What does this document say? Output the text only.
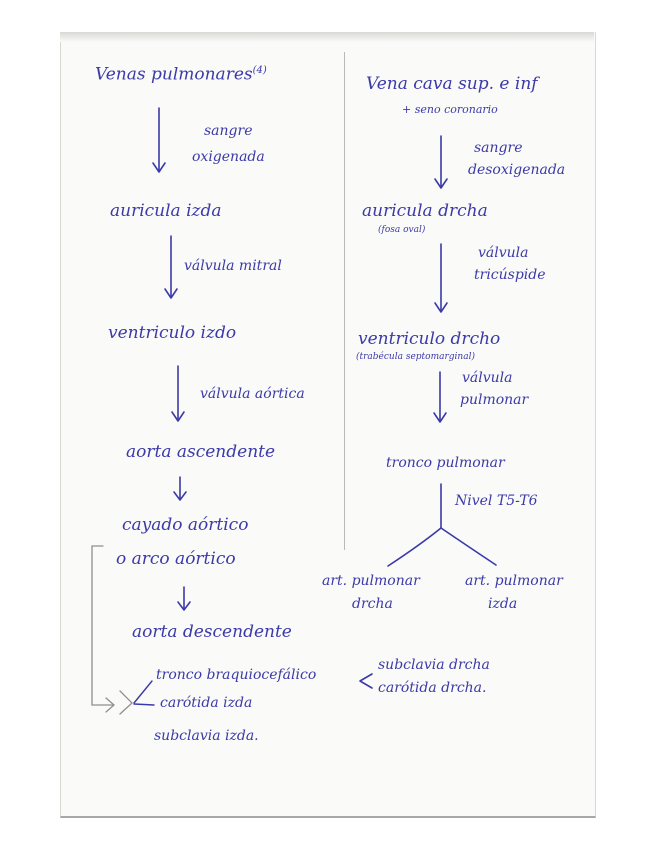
Venas pulmonares$^{(4)}$
sangre
oxigenada
auricula izda
válvula mitral
ventriculo izdo
válvula aórtica
aorta ascendente
cayado aórtico
o arco aórtico
aorta descendente
tronco braquiocefálico
carótida izda
subclavia izda.
Vena cava sup. e inf
+ seno coronario
sangre
desoxigenada
auricula drcha
(fosa oval)
válvula
tricúspide
ventriculo drcho
(trabécula septomarginal)
válvula
pulmonar
tronco pulmonar
Nivel T5-T6
art. pulmonar
drcha
art. pulmonar
izda
subclavia drcha
carótida drcha.
